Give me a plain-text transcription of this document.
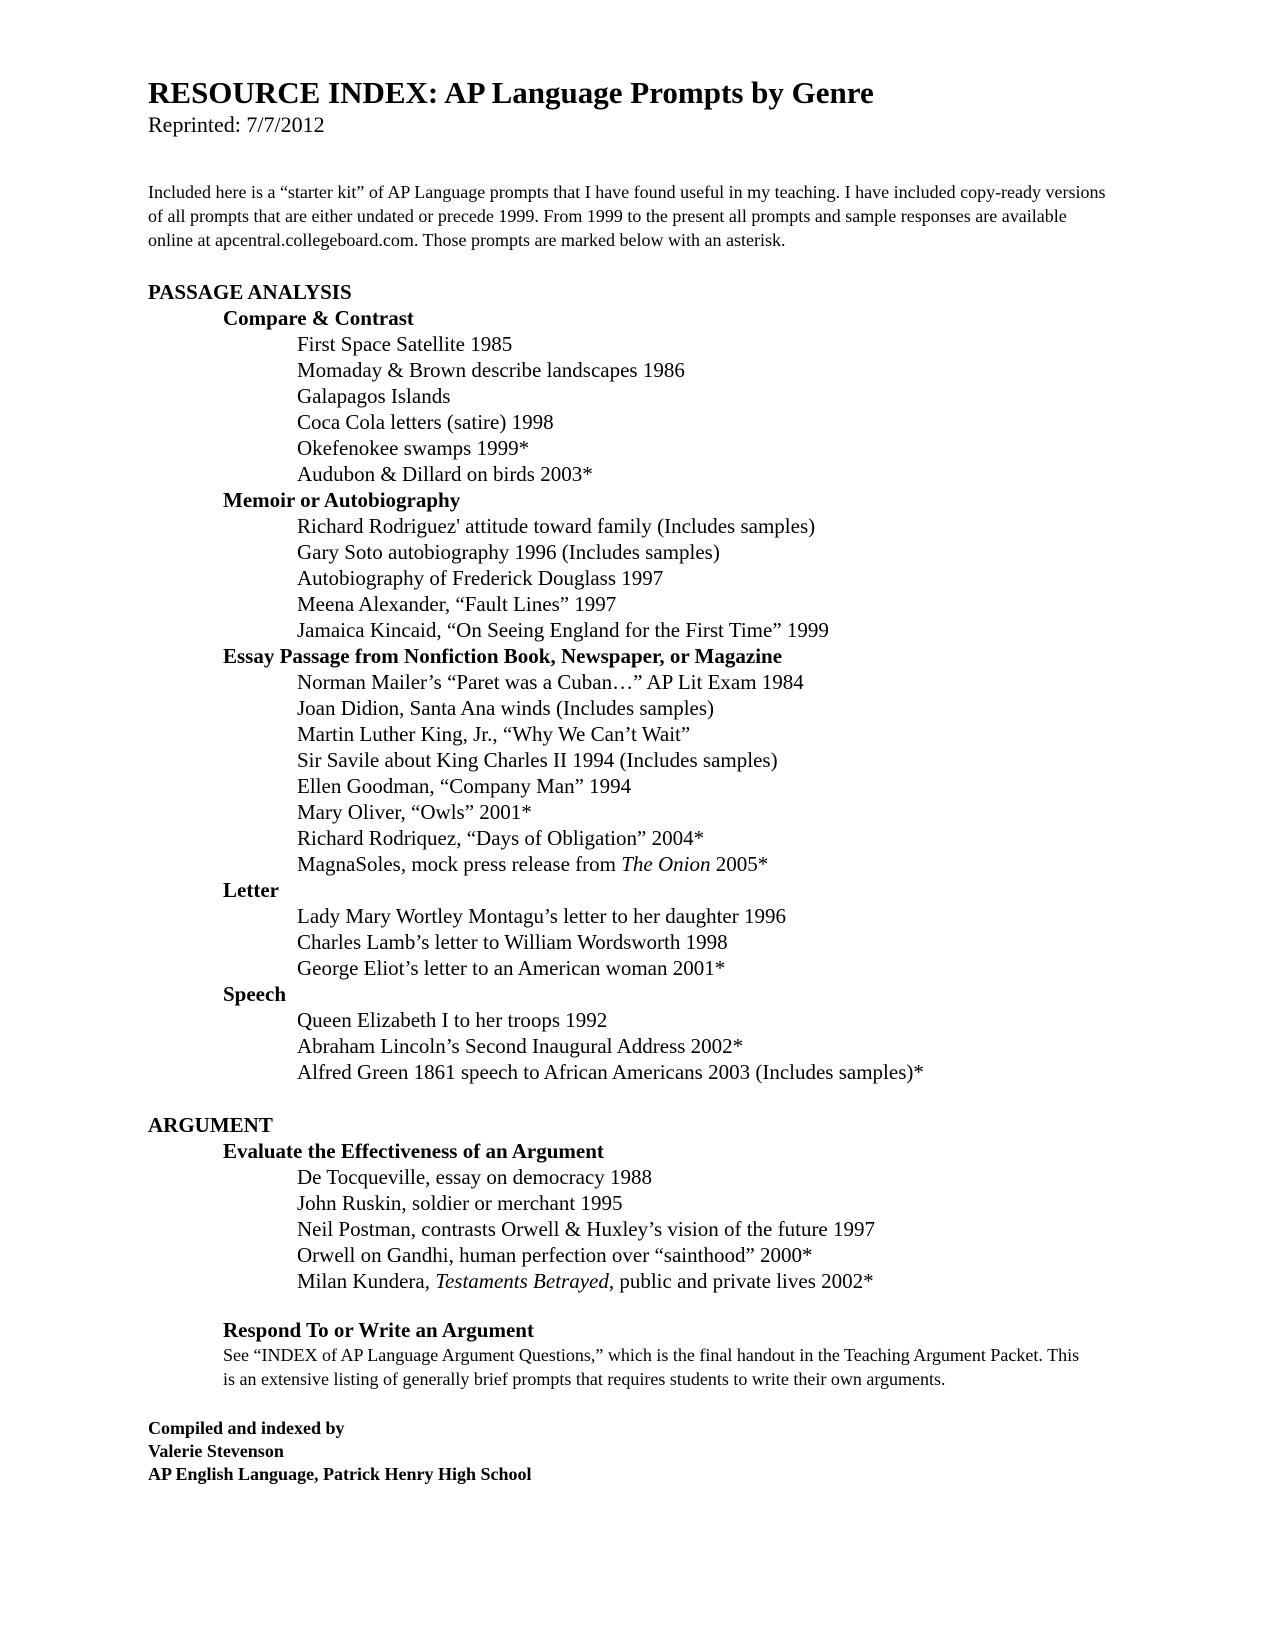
RESOURCE INDEX: AP Language Prompts by Genre

Reprinted: 7/7/2012

Included here is a “starter kit” of AP Language prompts that I have found useful in my teaching. I have included copy-ready versions of all prompts that are either undated or precede 1999. From 1999 to the present all prompts and sample responses are available online at apcentral.collegeboard.com. Those prompts are marked below with an asterisk.

PASSAGE ANALYSIS
Compare & Contrast
First Space Satellite 1985
Momaday & Brown describe landscapes 1986
Galapagos Islands
Coca Cola letters (satire) 1998
Okefenokee swamps 1999*
Audubon & Dillard on birds 2003*
Memoir or Autobiography
Richard Rodriguez' attitude toward family (Includes samples)
Gary Soto autobiography 1996 (Includes samples)
Autobiography of Frederick Douglass 1997
Meena Alexander, “Fault Lines” 1997
Jamaica Kincaid, “On Seeing England for the First Time” 1999
Essay Passage from Nonfiction Book, Newspaper, or Magazine
Norman Mailer’s “Paret was a Cuban…” AP Lit Exam 1984
Joan Didion, Santa Ana winds (Includes samples)
Martin Luther King, Jr., “Why We Can’t Wait”
Sir Savile about King Charles II 1994 (Includes samples)
Ellen Goodman, “Company Man” 1994
Mary Oliver, “Owls” 2001*
Richard Rodriquez, “Days of Obligation” 2004*
MagnaSoles, mock press release from The Onion 2005*
Letter
Lady Mary Wortley Montagu’s letter to her daughter 1996
Charles Lamb’s letter to William Wordsworth 1998
George Eliot’s letter to an American woman 2001*
Speech
Queen Elizabeth I to her troops 1992
Abraham Lincoln’s Second Inaugural Address 2002*
Alfred Green 1861 speech to African Americans 2003 (Includes samples)*
ARGUMENT
Evaluate the Effectiveness of an Argument
De Tocqueville, essay on democracy 1988
John Ruskin, soldier or merchant 1995
Neil Postman, contrasts Orwell & Huxley’s vision of the future 1997
Orwell on Gandhi, human perfection over “sainthood” 2000*
Milan Kundera, Testaments Betrayed, public and private lives 2002*
Respond To or Write an Argument
See “INDEX of AP Language Argument Questions,” which is the final handout in the Teaching Argument Packet. This is an extensive listing of generally brief prompts that requires students to write their own arguments.
Compiled and indexed by
Valerie Stevenson
AP English Language, Patrick Henry High School
